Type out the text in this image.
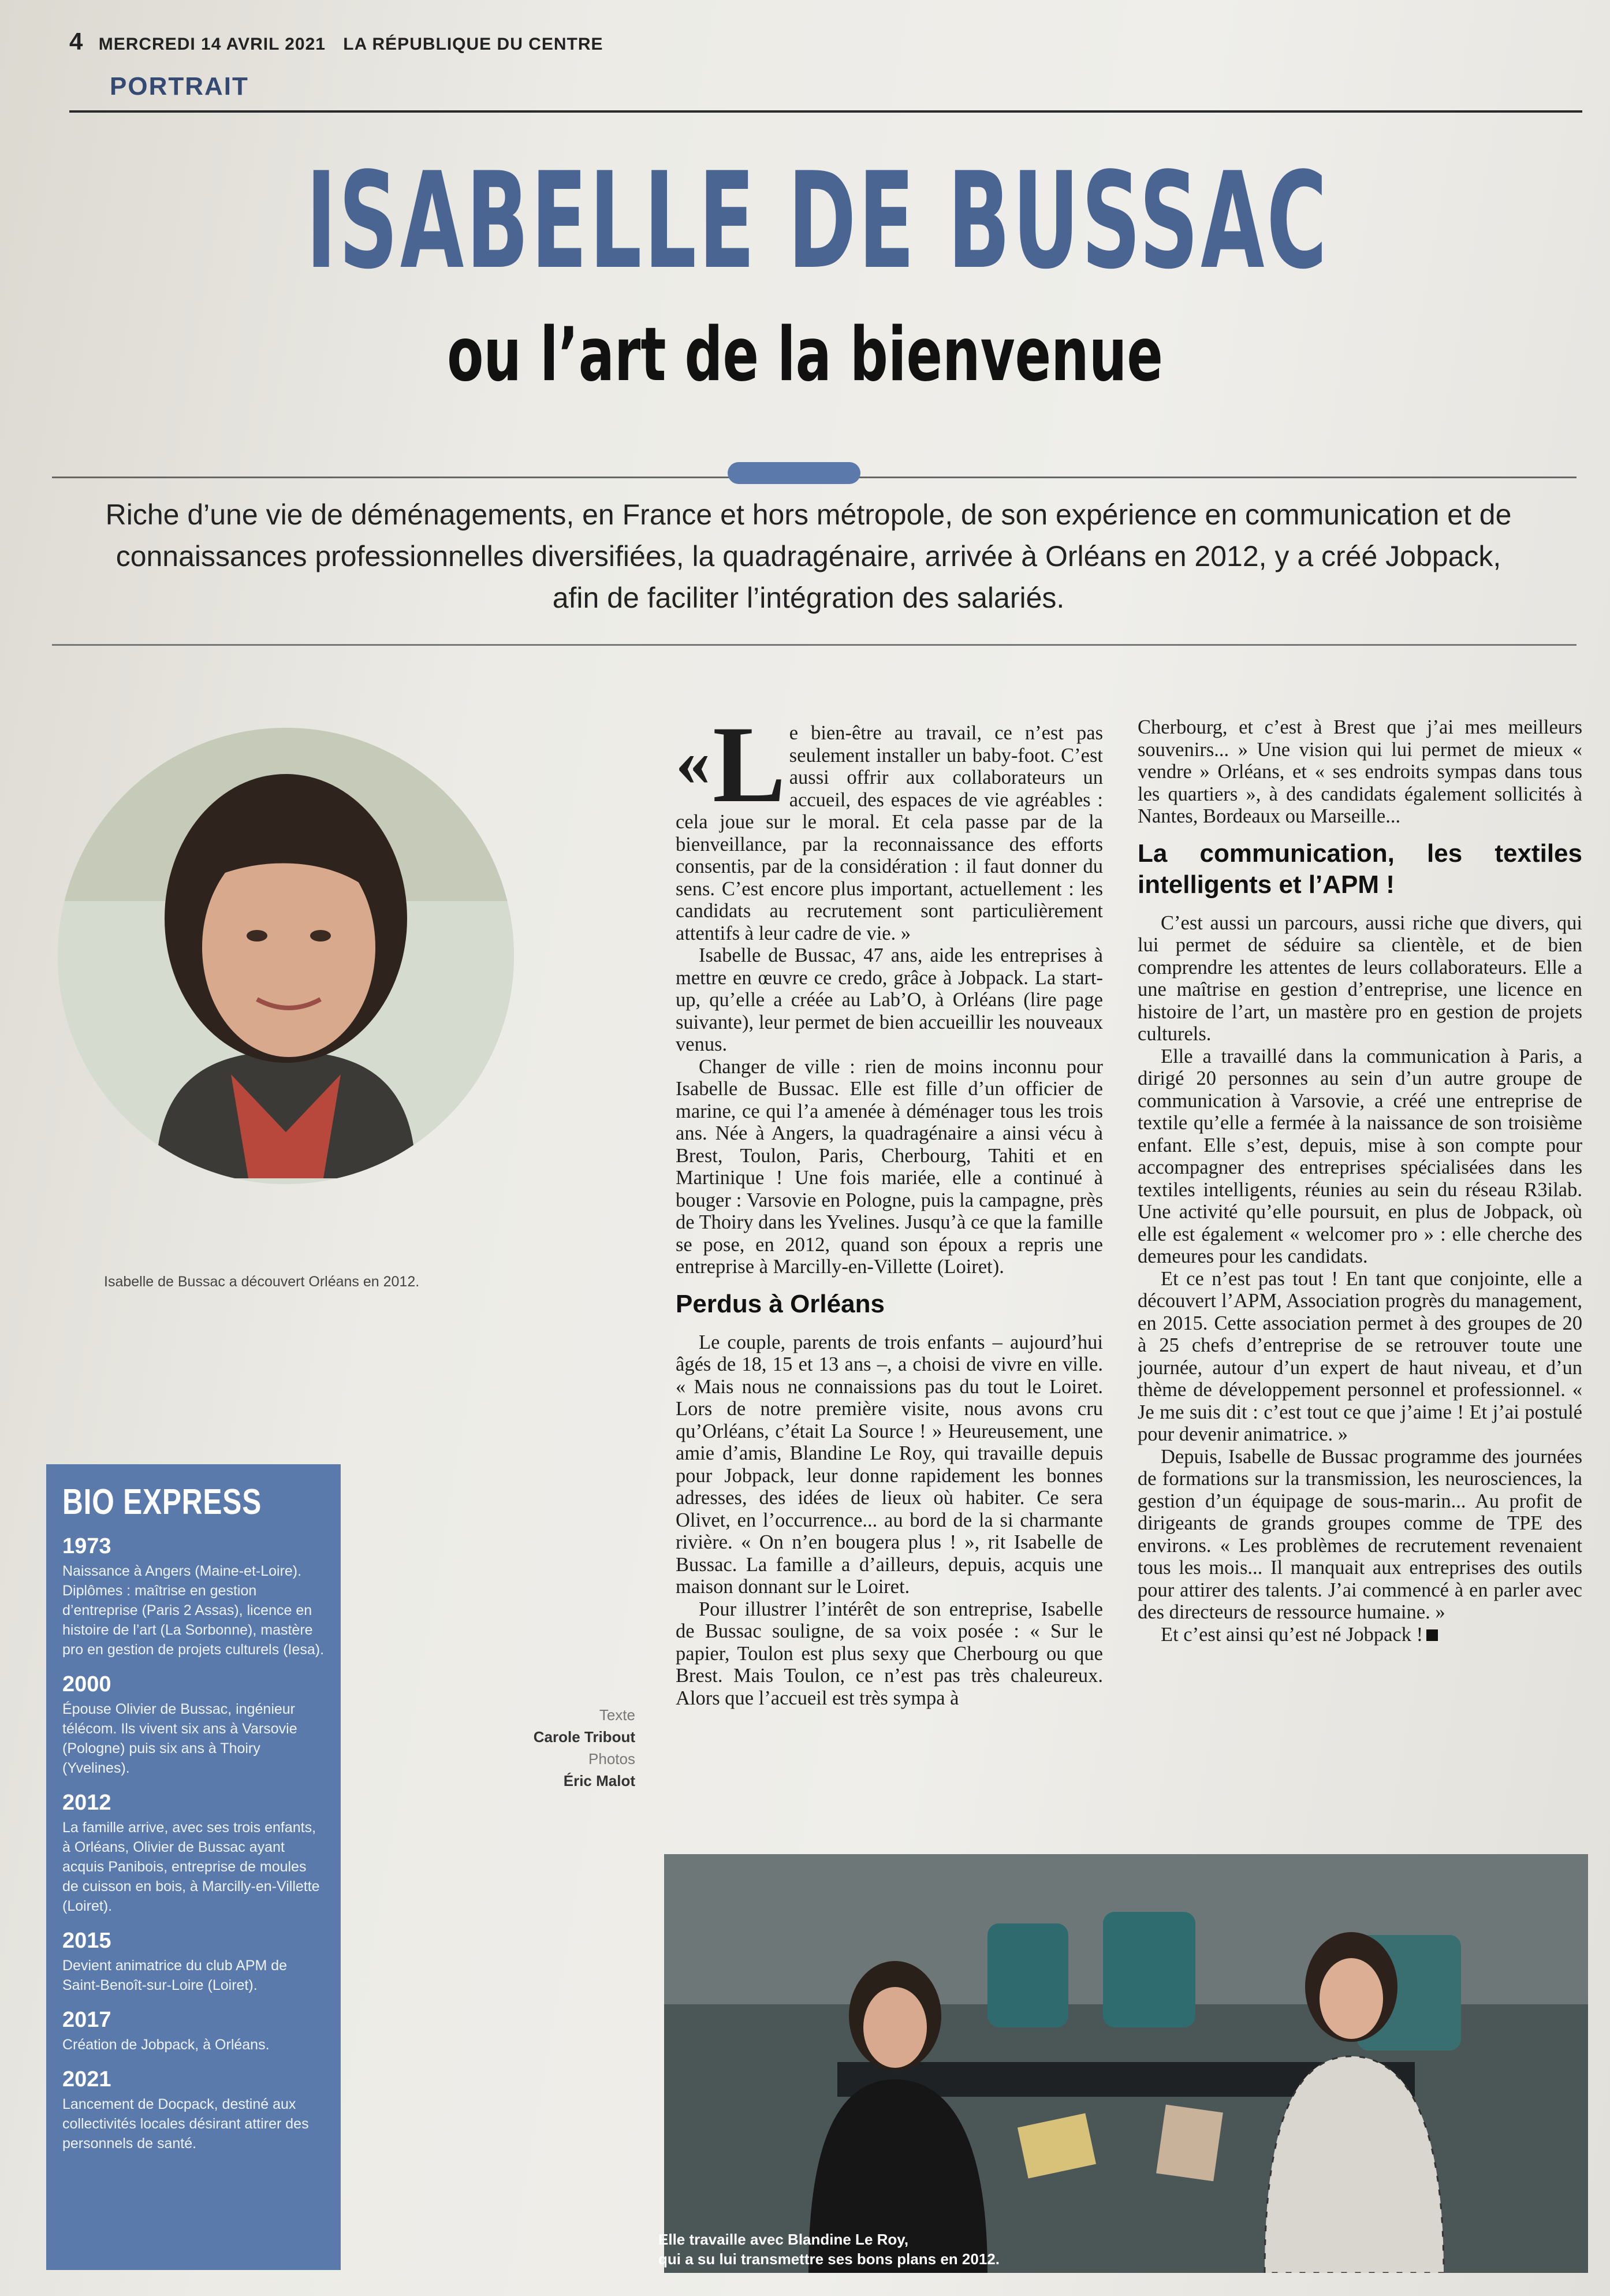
4 MERCREDI 14 AVRIL 2021 LA RÉPUBLIQUE DU CENTRE
PORTRAIT
ISABELLE DE BUSSAC
ou l’art de la bienvenue

Riche d’une vie de déménagements, en France et hors métropole, de son expérience en communication et de connaissances professionnelles diversifiées, la quadragénaire, arrivée à Orléans en 2012, y a créé Jobpack, afin de faciliter l’intégration des salariés.

Isabelle de Bussac a découvert Orléans en 2012.
BIO EXPRESS
1973
Naissance à Angers (Maine-et-Loire). Diplômes : maîtrise en gestion d’entreprise (Paris 2 Assas), licence en histoire de l’art (La Sorbonne), mastère pro en gestion de projets culturels (Iesa).
2000
Épouse Olivier de Bussac, ingénieur télécom. Ils vivent six ans à Varsovie (Pologne) puis six ans à Thoiry (Yvelines).
2012
La famille arrive, avec ses trois enfants, à Orléans, Olivier de Bussac ayant acquis Panibois, entreprise de moules de cuisson en bois, à Marcilly-en-Villette (Loiret).
2015
Devient animatrice du club APM de Saint-Benoît-sur-Loire (Loiret).
2017
Création de Jobpack, à Orléans.
2021
Lancement de Docpack, destiné aux collectivités locales désirant attirer des personnels de santé.
Texte
Carole Tribout
Photos
Éric Malot

« L e bien-être au travail, ce n’est pas seulement installer un baby-foot. C’est aussi offrir aux collaborateurs un accueil, des espaces de vie agréables : cela joue sur le moral. Et cela passe par de la bienveillance, par la reconnaissance des efforts consentis, par de la considération : il faut donner du sens. C’est encore plus important, actuellement : les candidats au recrutement sont particulièrement attentifs à leur cadre de vie. »

Isabelle de Bussac, 47 ans, aide les entreprises à mettre en œuvre ce credo, grâce à Jobpack. La start-up, qu’elle a créée au Lab’O, à Orléans (lire page suivante), leur permet de bien accueillir les nouveaux venus.

Changer de ville : rien de moins inconnu pour Isabelle de Bussac. Elle est fille d’un officier de marine, ce qui l’a amenée à déménager tous les trois ans. Née à Angers, la quadragénaire a ainsi vécu à Brest, Toulon, Paris, Cherbourg, Tahiti et en Martinique ! Une fois mariée, elle a continué à bouger : Varsovie en Pologne, puis la campagne, près de Thoiry dans les Yvelines. Jusqu’à ce que la famille se pose, en 2012, quand son époux a repris une entreprise à Marcilly-en-Villette (Loiret).

Perdus à Orléans

Le couple, parents de trois enfants – aujourd’hui âgés de 18, 15 et 13 ans –, a choisi de vivre en ville. « Mais nous ne connaissions pas du tout le Loiret. Lors de notre première visite, nous avons cru qu’Orléans, c’était La Source ! » Heureusement, une amie d’amis, Blandine Le Roy, qui travaille depuis pour Jobpack, leur donne rapidement les bonnes adresses, des idées de lieux où habiter. Ce sera Olivet, en l’occurrence... au bord de la si charmante rivière. « On n’en bougera plus ! », rit Isabelle de Bussac. La famille a d’ailleurs, depuis, acquis une maison donnant sur le Loiret.

Pour illustrer l’intérêt de son entreprise, Isabelle de Bussac souligne, de sa voix posée : « Sur le papier, Toulon est plus sexy que Cherbourg ou que Brest. Mais Toulon, ce n’est pas très chaleureux. Alors que l’accueil est très sympa à

Cherbourg, et c’est à Brest que j’ai mes meilleurs souvenirs... » Une vision qui lui permet de mieux « vendre » Orléans, et « ses endroits sympas dans tous les quartiers », à des candidats également sollicités à Nantes, Bordeaux ou Marseille...

La communication, les textiles intelligents et l’APM !

C’est aussi un parcours, aussi riche que divers, qui lui permet de séduire sa clientèle, et de bien comprendre les attentes de leurs collaborateurs. Elle a une maîtrise en gestion d’entreprise, une licence en histoire de l’art, un mastère pro en gestion de projets culturels.

Elle a travaillé dans la communication à Paris, a dirigé 20 personnes au sein d’un autre groupe de communication à Varsovie, a créé une entreprise de textile qu’elle a fermée à la naissance de son troisième enfant. Elle s’est, depuis, mise à son compte pour accompagner des entreprises spécialisées dans les textiles intelligents, réunies au sein du réseau R3ilab. Une activité qu’elle poursuit, en plus de Jobpack, où elle est également « welcomer pro » : elle cherche des demeures pour les candidats.

Et ce n’est pas tout ! En tant que conjointe, elle a découvert l’APM, Association progrès du management, en 2015. Cette association permet à des groupes de 20 à 25 chefs d’entreprise de se retrouver toute une journée, autour d’un expert de haut niveau, et d’un thème de développement personnel et professionnel. « Je me suis dit : c’est tout ce que j’aime ! Et j’ai postulé pour devenir animatrice. »

Depuis, Isabelle de Bussac programme des journées de formations sur la transmission, les neurosciences, la gestion d’un équipage de sous-marin... Au profit de dirigeants de grands groupes comme de TPE des environs. « Les problèmes de recrutement revenaient tous les mois... Il manquait aux entreprises des outils pour attirer des talents. J’ai commencé à en parler avec des directeurs de ressource humaine. »

Et c’est ainsi qu’est né Jobpack !

Elle travaille avec Blandine Le Roy,
qui a su lui transmettre ses bons plans en 2012.
